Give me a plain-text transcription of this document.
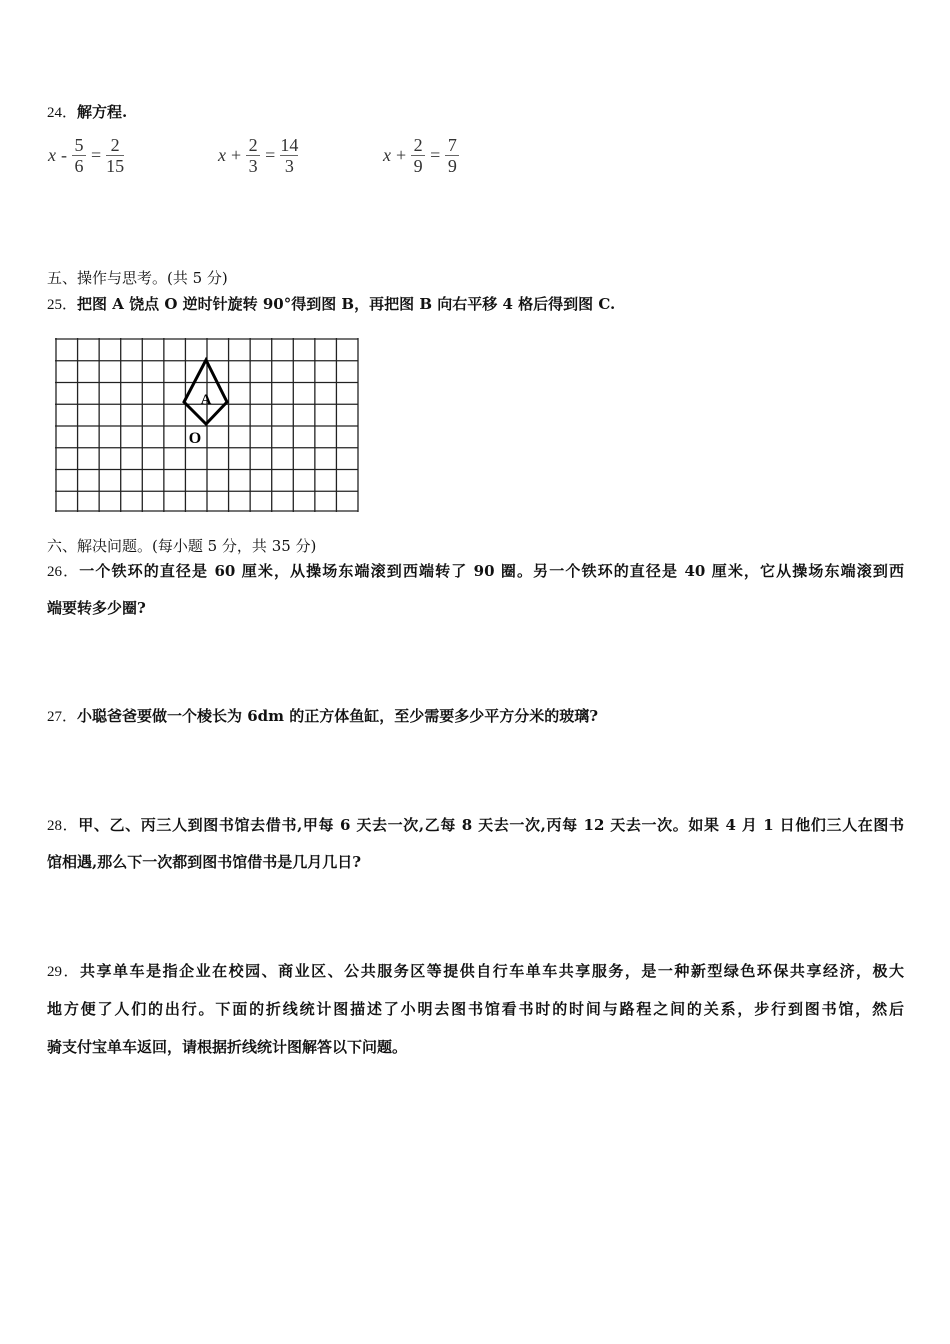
24．解方程.
$x - \frac{5}{6} = \frac{2}{15}$	$x + \frac{2}{3} = \frac{14}{3}$	$x + \frac{2}{9} = \frac{7}{9}$
五、操作与思考。(共 5 分)
25．把图 A 饶点 O 逆时针旋转 90°得到图 B，再把图 B 向右平移 4 格后得到图 C.
A
O
六、解决问题。(每小题 5 分，共 35 分)
26．一个铁环的直径是 60 厘米，从操场东端滚到西端转了 90 圈。另一个铁环的直径是 40 厘米，它从操场东端滚到西
端要转多少圈?
27．小聪爸爸要做一个棱长为 6dm 的正方体鱼缸，至少需要多少平方分米的玻璃?
28．甲、乙、丙三人到图书馆去借书,甲每 6 天去一次,乙每 8 天去一次,丙每 12 天去一次。如果 4 月 1 日他们三人在图书
馆相遇,那么下一次都到图书馆借书是几月几日?
29．共享单车是指企业在校园、商业区、公共服务区等提供自行车单车共享服务，是一种新型绿色环保共享经济，极大
地方便了人们的出行。下面的折线统计图描述了小明去图书馆看书时的时间与路程之间的关系，步行到图书馆，然后
骑支付宝单车返回，请根据折线统计图解答以下问题。
